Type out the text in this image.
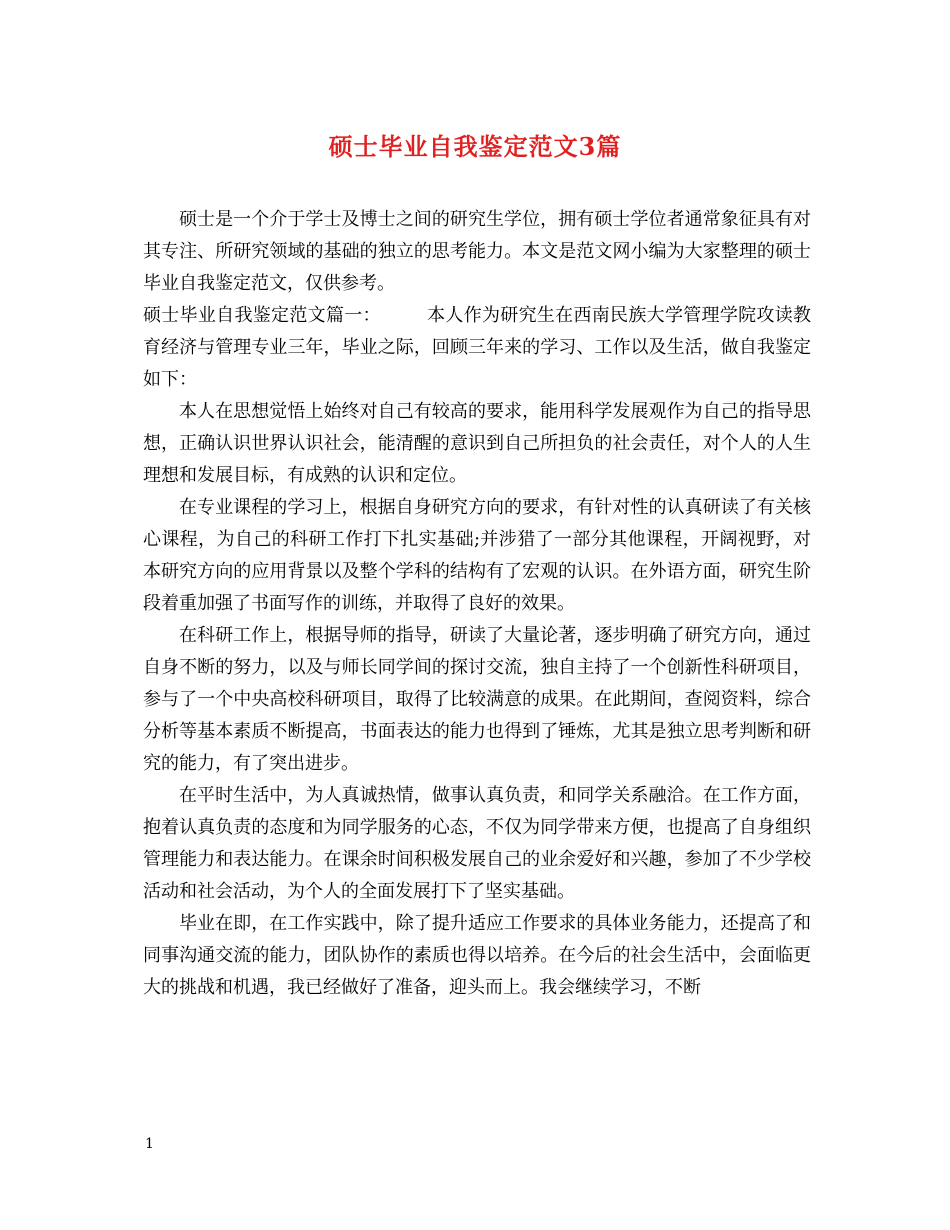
硕士毕业自我鉴定范文3篇

硕士是一个介于学士及博士之间的研究生学位，拥有硕士学位者通常象征具有对其专注、所研究领域的基础的独立的思考能力。本文是范文网小编为大家整理的硕士毕业自我鉴定范文，仅供参考。

硕士毕业自我鉴定范文篇一：	本人作为研究生在西南民族大学管理学院攻读教育经济与管理专业三年，毕业之际，回顾三年来的学习、工作以及生活，做自我鉴定如下：

本人在思想觉悟上始终对自己有较高的要求，能用科学发展观作为自己的指导思想，正确认识世界认识社会，能清醒的意识到自己所担负的社会责任，对个人的人生理想和发展目标，有成熟的认识和定位。

在专业课程的学习上，根据自身研究方向的要求，有针对性的认真研读了有关核心课程，为自己的科研工作打下扎实基础;并涉猎了一部分其他课程，开阔视野，对本研究方向的应用背景以及整个学科的结构有了宏观的认识。在外语方面，研究生阶段着重加强了书面写作的训练，并取得了良好的效果。

在科研工作上，根据导师的指导，研读了大量论著，逐步明确了研究方向，通过自身不断的努力，以及与师长同学间的探讨交流，独自主持了一个创新性科研项目，参与了一个中央高校科研项目，取得了比较满意的成果。在此期间，查阅资料，综合分析等基本素质不断提高，书面表达的能力也得到了锤炼，尤其是独立思考判断和研究的能力，有了突出进步。

在平时生活中，为人真诚热情，做事认真负责，和同学关系融洽。在工作方面，抱着认真负责的态度和为同学服务的心态，不仅为同学带来方便，也提高了自身组织管理能力和表达能力。在课余时间积极发展自己的业余爱好和兴趣，参加了不少学校活动和社会活动，为个人的全面发展打下了坚实基础。

毕业在即，在工作实践中，除了提升适应工作要求的具体业务能力，还提高了和同事沟通交流的能力，团队协作的素质也得以培养。在今后的社会生活中，会面临更大的挑战和机遇，我已经做好了准备，迎头而上。我会继续学习，不断

1
